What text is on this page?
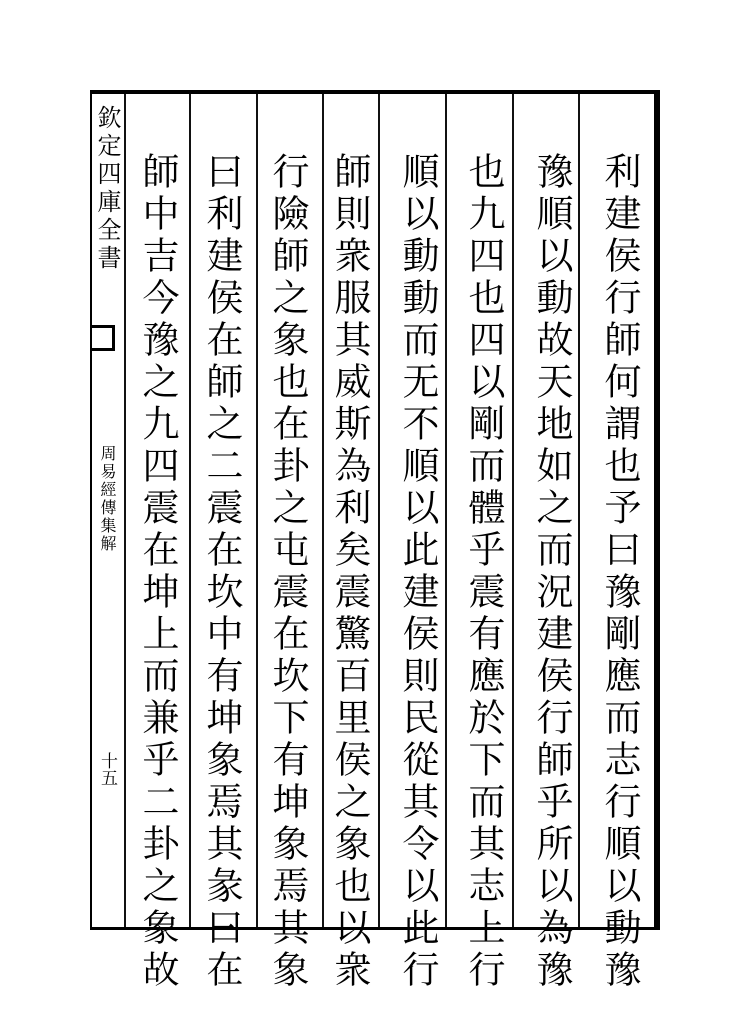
欽定四庫全書
周易經傳集解
十五	利建侯行師何謂也予曰豫剛應而志行順以動豫
豫順以動故天地如之而況建侯行師乎所以為豫
也九四也四以剛而體乎震有應於下而其志上行
順以動動而无不順以此建侯則民從其令以此行
師則衆服其威斯為利矣震驚百里侯之象也以衆
行險師之象也在卦之屯震在坎下有坤象焉其象
曰利建侯在師之二震在坎中有坤象焉其彖曰在
師中吉今豫之九四震在坤上而兼乎二卦之象故
